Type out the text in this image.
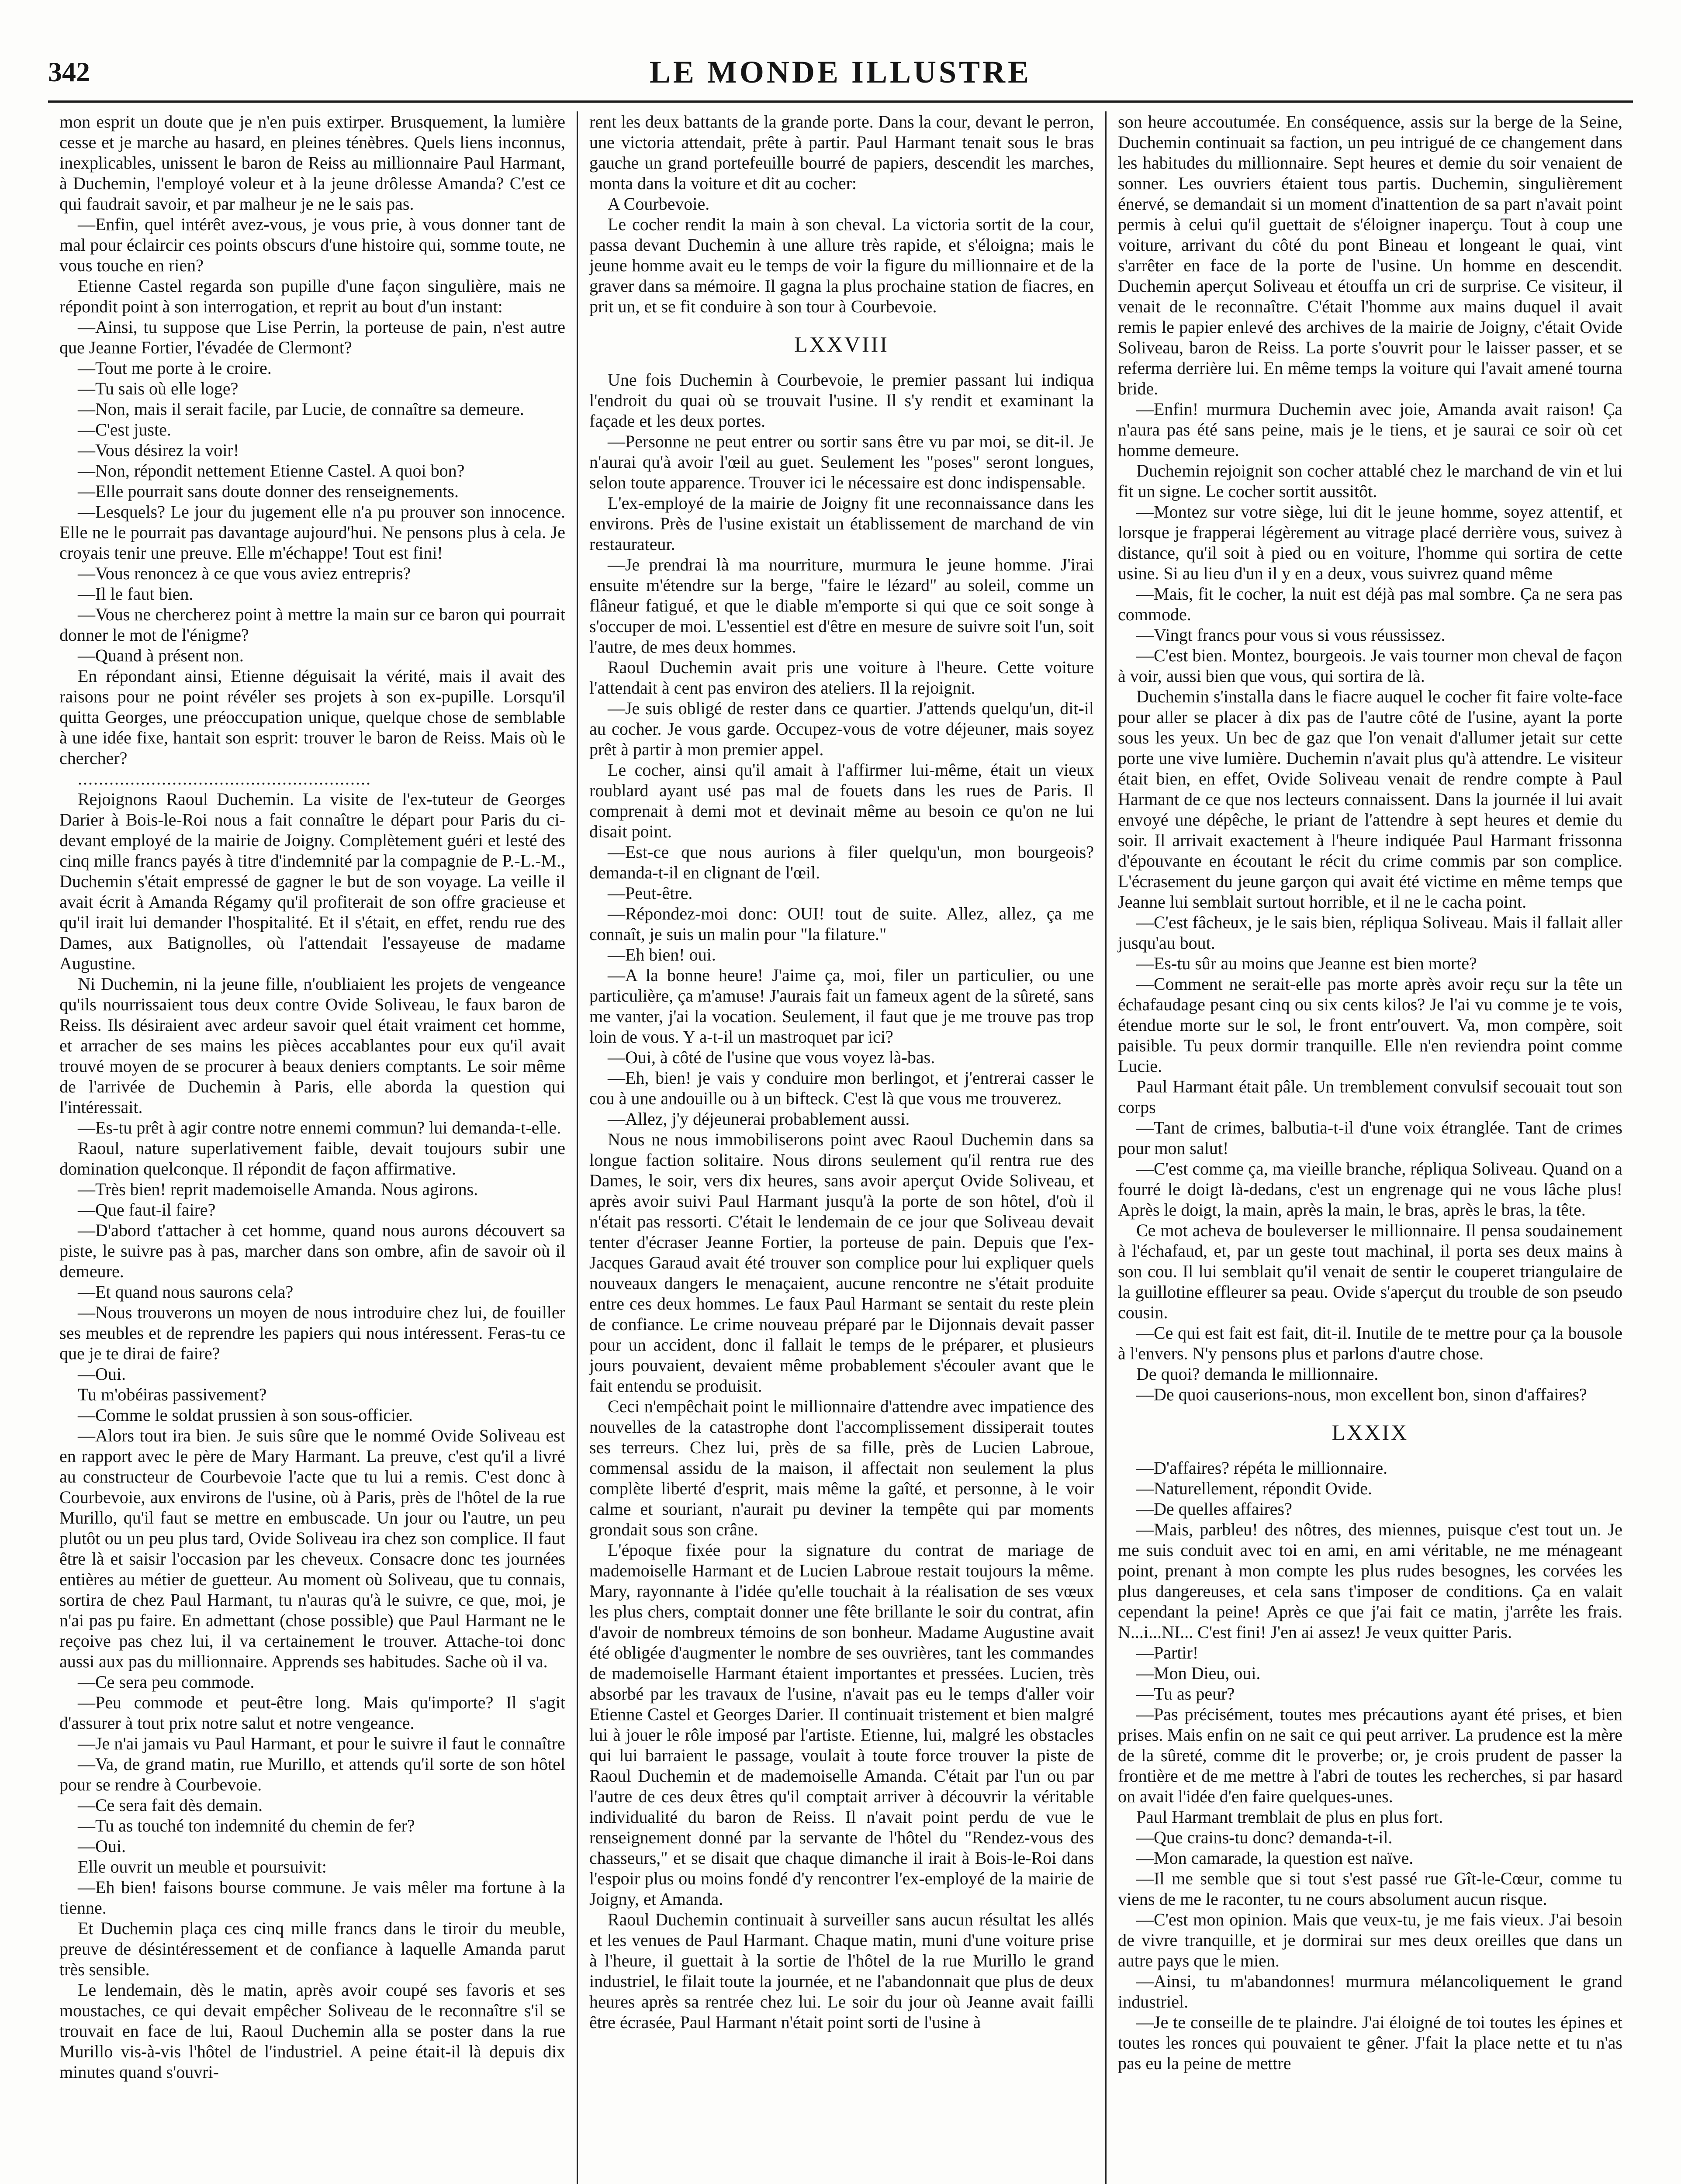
342	LE MONDE ILLUSTRE

mon esprit un doute que je n'en puis extirper. Brusquement, la lumière cesse et je marche au hasard, en pleines ténèbres. Quels liens inconnus, inexplicables, unissent le baron de Reiss au millionnaire Paul Harmant, à Duchemin, l'employé voleur et à la jeune drôlesse Amanda? C'est ce qui faudrait savoir, et par malheur je ne le sais pas.

—Enfin, quel intérêt avez-vous, je vous prie, à vous donner tant de mal pour éclaircir ces points obscurs d'une histoire qui, somme toute, ne vous touche en rien?

Etienne Castel regarda son pupille d'une façon singulière, mais ne répondit point à son interrogation, et reprit au bout d'un instant:

—Ainsi, tu suppose que Lise Perrin, la porteuse de pain, n'est autre que Jeanne Fortier, l'évadée de Clermont?

—Tout me porte à le croire.

—Tu sais où elle loge?

—Non, mais il serait facile, par Lucie, de connaître sa demeure.

—C'est juste.

—Vous désirez la voir!

—Non, répondit nettement Etienne Castel. A quoi bon?

—Elle pourrait sans doute donner des renseignements.

—Lesquels? Le jour du jugement elle n'a pu prouver son innocence. Elle ne le pourrait pas davantage aujourd'hui. Ne pensons plus à cela. Je croyais tenir une preuve. Elle m'échappe! Tout est fini!

—Vous renoncez à ce que vous aviez entrepris?

—Il le faut bien.

—Vous ne chercherez point à mettre la main sur ce baron qui pourrait donner le mot de l'énigme?

—Quand à présent non.

En répondant ainsi, Etienne déguisait la vérité, mais il avait des raisons pour ne point révéler ses projets à son ex-pupille. Lorsqu'il quitta Georges, une préoccupation unique, quelque chose de semblable à une idée fixe, hantait son esprit: trouver le baron de Reiss. Mais où le chercher?

........................................................

Rejoignons Raoul Duchemin. La visite de l'ex-tuteur de Georges Darier à Bois-le-Roi nous a fait connaître le départ pour Paris du ci-devant employé de la mairie de Joigny. Complètement guéri et lesté des cinq mille francs payés à titre d'indemnité par la compagnie de P.-L.-M., Duchemin s'était empressé de gagner le but de son voyage. La veille il avait écrit à Amanda Régamy qu'il profiterait de son offre gracieuse et qu'il irait lui demander l'hospitalité. Et il s'était, en effet, rendu rue des Dames, aux Batignolles, où l'attendait l'essayeuse de madame Augustine.

Ni Duchemin, ni la jeune fille, n'oubliaient les projets de vengeance qu'ils nourrissaient tous deux contre Ovide Soliveau, le faux baron de Reiss. Ils désiraient avec ardeur savoir quel était vraiment cet homme, et arracher de ses mains les pièces accablantes pour eux qu'il avait trouvé moyen de se procurer à beaux deniers comptants. Le soir même de l'arrivée de Duchemin à Paris, elle aborda la question qui l'intéressait.

—Es-tu prêt à agir contre notre ennemi commun? lui demanda-t-elle.

Raoul, nature superlativement faible, devait toujours subir une domination quelconque. Il répondit de façon affirmative.

—Très bien! reprit mademoiselle Amanda. Nous agirons.

—Que faut-il faire?

—D'abord t'attacher à cet homme, quand nous aurons découvert sa piste, le suivre pas à pas, marcher dans son ombre, afin de savoir où il demeure.

—Et quand nous saurons cela?

—Nous trouverons un moyen de nous introduire chez lui, de fouiller ses meubles et de reprendre les papiers qui nous intéressent. Feras-tu ce que je te dirai de faire?

—Oui.

Tu m'obéiras passivement?

—Comme le soldat prussien à son sous-officier.

—Alors tout ira bien. Je suis sûre que le nommé Ovide Soliveau est en rapport avec le père de Mary Harmant. La preuve, c'est qu'il a livré au constructeur de Courbevoie l'acte que tu lui a remis. C'est donc à Courbevoie, aux environs de l'usine, où à Paris, près de l'hôtel de la rue Murillo, qu'il faut se mettre en embuscade. Un jour ou l'autre, un peu plutôt ou un peu plus tard, Ovide Soliveau ira chez son complice. Il faut être là et saisir l'occasion par les cheveux. Consacre donc tes journées entières au métier de guetteur. Au moment où Soliveau, que tu connais, sortira de chez Paul Harmant, tu n'auras qu'à le suivre, ce que, moi, je n'ai pas pu faire. En admettant (chose possible) que Paul Harmant ne le reçoive pas chez lui, il va certainement le trouver. Attache-toi donc aussi aux pas du millionnaire. Apprends ses habitudes. Sache où il va.

—Ce sera peu commode.

—Peu commode et peut-être long. Mais qu'importe? Il s'agit d'assurer à tout prix notre salut et notre vengeance.

—Je n'ai jamais vu Paul Harmant, et pour le suivre il faut le connaître

—Va, de grand matin, rue Murillo, et attends qu'il sorte de son hôtel pour se rendre à Courbevoie.

—Ce sera fait dès demain.

—Tu as touché ton indemnité du chemin de fer?

—Oui.

Elle ouvrit un meuble et poursuivit:

—Eh bien! faisons bourse commune. Je vais mêler ma fortune à la tienne.

Et Duchemin plaça ces cinq mille francs dans le tiroir du meuble, preuve de désintéressement et de confiance à laquelle Amanda parut très sensible.

Le lendemain, dès le matin, après avoir coupé ses favoris et ses moustaches, ce qui devait empêcher Soliveau de le reconnaître s'il se trouvait en face de lui, Raoul Duchemin alla se poster dans la rue Murillo vis-à-vis l'hôtel de l'industriel. A peine était-il là depuis dix minutes quand s'ouvri-

rent les deux battants de la grande porte. Dans la cour, devant le perron, une victoria attendait, prête à partir. Paul Harmant tenait sous le bras gauche un grand portefeuille bourré de papiers, descendit les marches, monta dans la voiture et dit au cocher:

A Courbevoie.

Le cocher rendit la main à son cheval. La victoria sortit de la cour, passa devant Duchemin à une allure très rapide, et s'éloigna; mais le jeune homme avait eu le temps de voir la figure du millionnaire et de la graver dans sa mémoire. Il gagna la plus prochaine station de fiacres, en prit un, et se fit conduire à son tour à Courbevoie.

LXXVIII

Une fois Duchemin à Courbevoie, le premier passant lui indiqua l'endroit du quai où se trouvait l'usine. Il s'y rendit et examinant la façade et les deux portes.

—Personne ne peut entrer ou sortir sans être vu par moi, se dit-il. Je n'aurai qu'à avoir l'œil au guet. Seulement les "poses" seront longues, selon toute apparence. Trouver ici le nécessaire est donc indispensable.

L'ex-employé de la mairie de Joigny fit une reconnaissance dans les environs. Près de l'usine existait un établissement de marchand de vin restaurateur.

—Je prendrai là ma nourriture, murmura le jeune homme. J'irai ensuite m'étendre sur la berge, "faire le lézard" au soleil, comme un flâneur fatigué, et que le diable m'emporte si qui que ce soit songe à s'occuper de moi. L'essentiel est d'être en mesure de suivre soit l'un, soit l'autre, de mes deux hommes.

Raoul Duchemin avait pris une voiture à l'heure. Cette voiture l'attendait à cent pas environ des ateliers. Il la rejoignit.

—Je suis obligé de rester dans ce quartier. J'attends quelqu'un, dit-il au cocher. Je vous garde. Occupez-vous de votre déjeuner, mais soyez prêt à partir à mon premier appel.

Le cocher, ainsi qu'il amait à l'affirmer lui-même, était un vieux roublard ayant usé pas mal de fouets dans les rues de Paris. Il comprenait à demi mot et devinait même au besoin ce qu'on ne lui disait point.

—Est-ce que nous aurions à filer quelqu'un, mon bourgeois? demanda-t-il en clignant de l'œil.

—Peut-être.

—Répondez-moi donc: OUI! tout de suite. Allez, allez, ça me connaît, je suis un malin pour "la filature."

—Eh bien! oui.

—A la bonne heure! J'aime ça, moi, filer un particulier, ou une particulière, ça m'amuse! J'aurais fait un fameux agent de la sûreté, sans me vanter, j'ai la vocation. Seulement, il faut que je me trouve pas trop loin de vous. Y a-t-il un mastroquet par ici?

—Oui, à côté de l'usine que vous voyez là-bas.

—Eh, bien! je vais y conduire mon berlingot, et j'entrerai casser le cou à une andouille ou à un bifteck. C'est là que vous me trouverez.

—Allez, j'y déjeunerai probablement aussi.

Nous ne nous immobiliserons point avec Raoul Duchemin dans sa longue faction solitaire. Nous dirons seulement qu'il rentra rue des Dames, le soir, vers dix heures, sans avoir aperçut Ovide Soliveau, et après avoir suivi Paul Harmant jusqu'à la porte de son hôtel, d'où il n'était pas ressorti. C'était le lendemain de ce jour que Soliveau devait tenter d'écraser Jeanne Fortier, la porteuse de pain. Depuis que l'ex-Jacques Garaud avait été trouver son complice pour lui expliquer quels nouveaux dangers le menaçaient, aucune rencontre ne s'était produite entre ces deux hommes. Le faux Paul Harmant se sentait du reste plein de confiance. Le crime nouveau préparé par le Dijonnais devait passer pour un accident, donc il fallait le temps de le préparer, et plusieurs jours pouvaient, devaient même probablement s'écouler avant que le fait entendu se produisit.

Ceci n'empêchait point le millionnaire d'attendre avec impatience des nouvelles de la catastrophe dont l'accomplissement dissiperait toutes ses terreurs. Chez lui, près de sa fille, près de Lucien Labroue, commensal assidu de la maison, il affectait non seulement la plus complète liberté d'esprit, mais même la gaîté, et personne, à le voir calme et souriant, n'aurait pu deviner la tempête qui par moments grondait sous son crâne.

L'époque fixée pour la signature du contrat de mariage de mademoiselle Harmant et de Lucien Labroue restait toujours la même. Mary, rayonnante à l'idée qu'elle touchait à la réalisation de ses vœux les plus chers, comptait donner une fête brillante le soir du contrat, afin d'avoir de nombreux témoins de son bonheur. Madame Augustine avait été obligée d'augmenter le nombre de ses ouvrières, tant les commandes de mademoiselle Harmant étaient importantes et pressées. Lucien, très absorbé par les travaux de l'usine, n'avait pas eu le temps d'aller voir Etienne Castel et Georges Darier. Il continuait tristement et bien malgré lui à jouer le rôle imposé par l'artiste. Etienne, lui, malgré les obstacles qui lui barraient le passage, voulait à toute force trouver la piste de Raoul Duchemin et de mademoiselle Amanda. C'était par l'un ou par l'autre de ces deux êtres qu'il comptait arriver à découvrir la véritable individualité du baron de Reiss. Il n'avait point perdu de vue le renseignement donné par la servante de l'hôtel du "Rendez-vous des chasseurs," et se disait que chaque dimanche il irait à Bois-le-Roi dans l'espoir plus ou moins fondé d'y rencontrer l'ex-employé de la mairie de Joigny, et Amanda.

Raoul Duchemin continuait à surveiller sans aucun résultat les allés et les venues de Paul Harmant. Chaque matin, muni d'une voiture prise à l'heure, il guettait à la sortie de l'hôtel de la rue Murillo le grand industriel, le filait toute la journée, et ne l'abandonnait que plus de deux heures après sa rentrée chez lui. Le soir du jour où Jeanne avait failli être écrasée, Paul Harmant n'était point sorti de l'usine à

son heure accoutumée. En conséquence, assis sur la berge de la Seine, Duchemin continuait sa faction, un peu intrigué de ce changement dans les habitudes du millionnaire. Sept heures et demie du soir venaient de sonner. Les ouvriers étaient tous partis. Duchemin, singulièrement énervé, se demandait si un moment d'inattention de sa part n'avait point permis à celui qu'il guettait de s'éloigner inaperçu. Tout à coup une voiture, arrivant du côté du pont Bineau et longeant le quai, vint s'arrêter en face de la porte de l'usine. Un homme en descendit. Duchemin aperçut Soliveau et étouffa un cri de surprise. Ce visiteur, il venait de le reconnaître. C'était l'homme aux mains duquel il avait remis le papier enlevé des archives de la mairie de Joigny, c'était Ovide Soliveau, baron de Reiss. La porte s'ouvrit pour le laisser passer, et se referma derrière lui. En même temps la voiture qui l'avait amené tourna bride.

—Enfin! murmura Duchemin avec joie, Amanda avait raison! Ça n'aura pas été sans peine, mais je le tiens, et je saurai ce soir où cet homme demeure.

Duchemin rejoignit son cocher attablé chez le marchand de vin et lui fit un signe. Le cocher sortit aussitôt.

—Montez sur votre siège, lui dit le jeune homme, soyez attentif, et lorsque je frapperai légèrement au vitrage placé derrière vous, suivez à distance, qu'il soit à pied ou en voiture, l'homme qui sortira de cette usine. Si au lieu d'un il y en a deux, vous suivrez quand même

—Mais, fit le cocher, la nuit est déjà pas mal sombre. Ça ne sera pas commode.

—Vingt francs pour vous si vous réussissez.

—C'est bien. Montez, bourgeois. Je vais tourner mon cheval de façon à voir, aussi bien que vous, qui sortira de là.

Duchemin s'installa dans le fiacre auquel le cocher fit faire volte-face pour aller se placer à dix pas de l'autre côté de l'usine, ayant la porte sous les yeux. Un bec de gaz que l'on venait d'allumer jetait sur cette porte une vive lumière. Duchemin n'avait plus qu'à attendre. Le visiteur était bien, en effet, Ovide Soliveau venait de rendre compte à Paul Harmant de ce que nos lecteurs connaissent. Dans la journée il lui avait envoyé une dépêche, le priant de l'attendre à sept heures et demie du soir. Il arrivait exactement à l'heure indiquée Paul Harmant frissonna d'épouvante en écoutant le récit du crime commis par son complice. L'écrasement du jeune garçon qui avait été victime en même temps que Jeanne lui semblait surtout horrible, et il ne le cacha point.

—C'est fâcheux, je le sais bien, répliqua Soliveau. Mais il fallait aller jusqu'au bout.

—Es-tu sûr au moins que Jeanne est bien morte?

—Comment ne serait-elle pas morte après avoir reçu sur la tête un échafaudage pesant cinq ou six cents kilos? Je l'ai vu comme je te vois, étendue morte sur le sol, le front entr'ouvert. Va, mon compère, soit paisible. Tu peux dormir tranquille. Elle n'en reviendra point comme Lucie.

Paul Harmant était pâle. Un tremblement convulsif secouait tout son corps

—Tant de crimes, balbutia-t-il d'une voix étranglée. Tant de crimes pour mon salut!

—C'est comme ça, ma vieille branche, répliqua Soliveau. Quand on a fourré le doigt là-dedans, c'est un engrenage qui ne vous lâche plus! Après le doigt, la main, après la main, le bras, après le bras, la tête.

Ce mot acheva de bouleverser le millionnaire. Il pensa soudainement à l'échafaud, et, par un geste tout machinal, il porta ses deux mains à son cou. Il lui semblait qu'il venait de sentir le couperet triangulaire de la guillotine effleurer sa peau. Ovide s'aperçut du trouble de son pseudo cousin.

—Ce qui est fait est fait, dit-il. Inutile de te mettre pour ça la bousole à l'envers. N'y pensons plus et parlons d'autre chose.

De quoi? demanda le millionnaire.

—De quoi causerions-nous, mon excellent bon, sinon d'affaires?

LXXIX

—D'affaires? répéta le millionnaire.

—Naturellement, répondit Ovide.

—De quelles affaires?

—Mais, parbleu! des nôtres, des miennes, puisque c'est tout un. Je me suis conduit avec toi en ami, en ami véritable, ne me ménageant point, prenant à mon compte les plus rudes besognes, les corvées les plus dangereuses, et cela sans t'imposer de conditions. Ça en valait cependant la peine! Après ce que j'ai fait ce matin, j'arrête les frais. N...i...NI... C'est fini! J'en ai assez! Je veux quitter Paris.

—Partir!

—Mon Dieu, oui.

—Tu as peur?

—Pas précisément, toutes mes précautions ayant été prises, et bien prises. Mais enfin on ne sait ce qui peut arriver. La prudence est la mère de la sûreté, comme dit le proverbe; or, je crois prudent de passer la frontière et de me mettre à l'abri de toutes les recherches, si par hasard on avait l'idée d'en faire quelques-unes.

Paul Harmant tremblait de plus en plus fort.

—Que crains-tu donc? demanda-t-il.

—Mon camarade, la question est naïve.

—Il me semble que si tout s'est passé rue Gît-le-Cœur, comme tu viens de me le raconter, tu ne cours absolument aucun risque.

—C'est mon opinion. Mais que veux-tu, je me fais vieux. J'ai besoin de vivre tranquille, et je dormirai sur mes deux oreilles que dans un autre pays que le mien.

—Ainsi, tu m'abandonnes! murmura mélancoliquement le grand industriel.

—Je te conseille de te plaindre. J'ai éloigné de toi toutes les épines et toutes les ronces qui pouvaient te gêner. J'fait la place nette et tu n'as pas eu la peine de mettre
